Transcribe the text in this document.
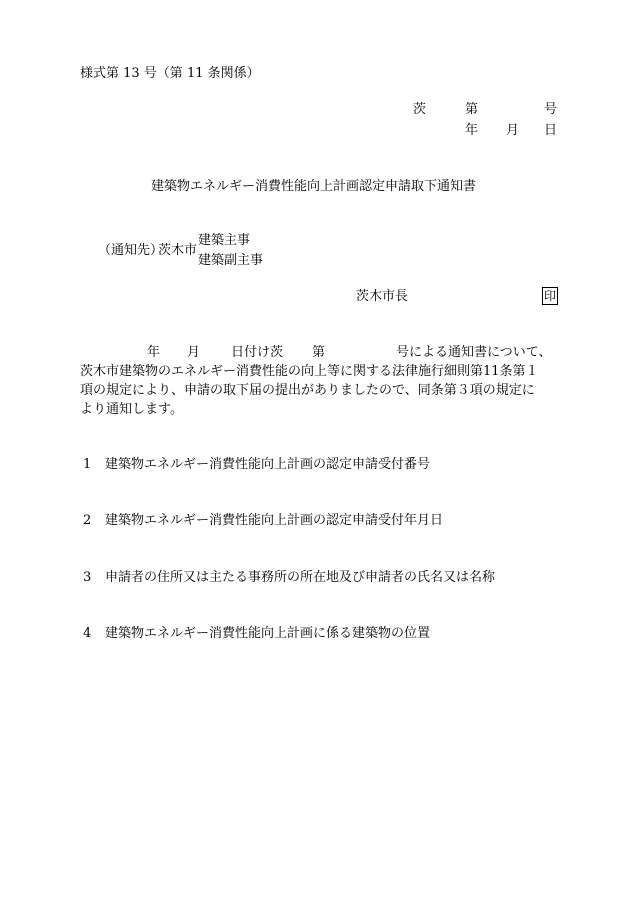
様式第 13 号（第 11 条関係）
茨	第	号
年 月 日
建築物エネルギー消費性能向上計画認定申請取下通知書
（通知先）
茨木市
建築主事
建築副主事
茨木市長	印
年 月 日付け茨 第	号による通知書について、
茨木市建築物のエネルギー消費性能の向上等に関する法律施行細則第11条第１
項の規定により、申請の取下届の提出がありましたので、同条第３項の規定に
より通知します。
1 建築物エネルギー消費性能向上計画の認定申請受付番号
2 建築物エネルギー消費性能向上計画の認定申請受付年月日
3 申請者の住所又は主たる事務所の所在地及び申請者の氏名又は名称
4 建築物エネルギー消費性能向上計画に係る建築物の位置
